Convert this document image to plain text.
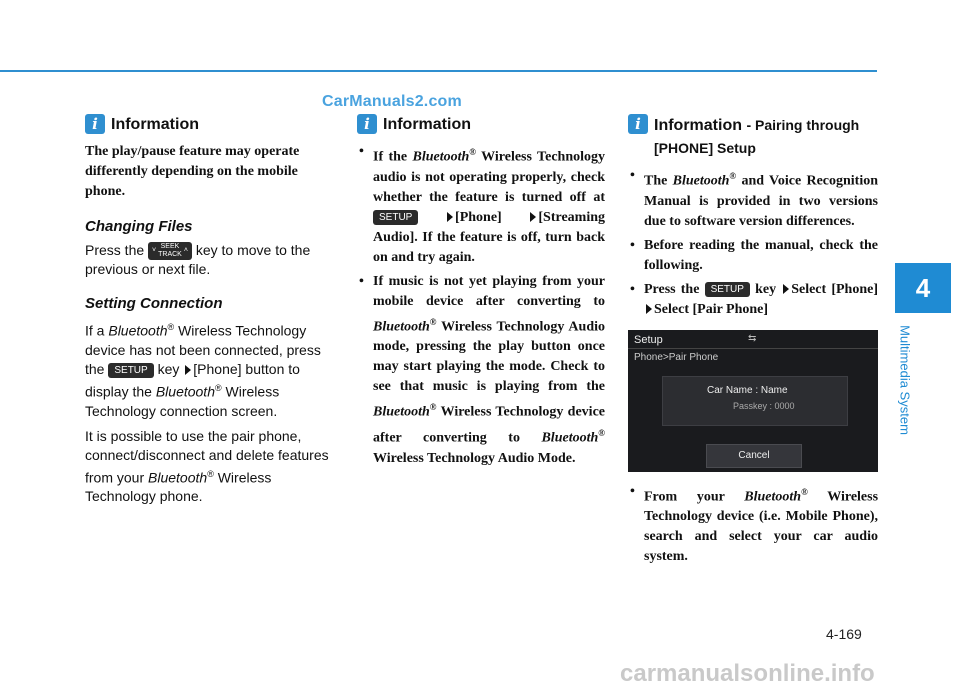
CarManuals2.com
4
Multimedia System
i Information

The play/pause feature may operate differently depending on the mobile phone.

Changing Files

Press the ˅
SEEK
TRACK
˄ key to move to the previous or next file.

Setting Connection

If a Bluetooth® Wireless Technology device has not been connected, press the SETUP key [Phone] button to display the Bluetooth® Wireless Technology connection screen.

It is possible to use the pair phone, connect/disconnect and delete features from your Bluetooth® Wireless Technology phone.

i Information
• If the Bluetooth® Wireless Technology audio is not operating properly, check whether the feature is turned off at SETUP	[Phone]	[Streaming Audio]. If the feature is off, turn back on and try again.
• If music is not yet playing from your mobile device after converting to Bluetooth® Wireless Technology Audio mode, pressing the play button once may start playing the mode. Check to see that music is playing from the Bluetooth® Wireless Technology device after converting to Bluetooth® Wireless Technology Audio Mode.
i Information - Pairing through [PHONE] Setup
• The Bluetooth® and Voice Recognition Manual is provided in two versions due to software version differences.
• Before reading the manual, check the following.
• Press the SETUP key Select [Phone] Select [Pair Phone]
Setup	⇆
Phone>Pair Phone
Car Name : Name
Passkey : 0000
Cancel
• From your Bluetooth® Wireless Technology device (i.e. Mobile Phone), search and select your car audio system.
4-169
carmanualsonline.info
